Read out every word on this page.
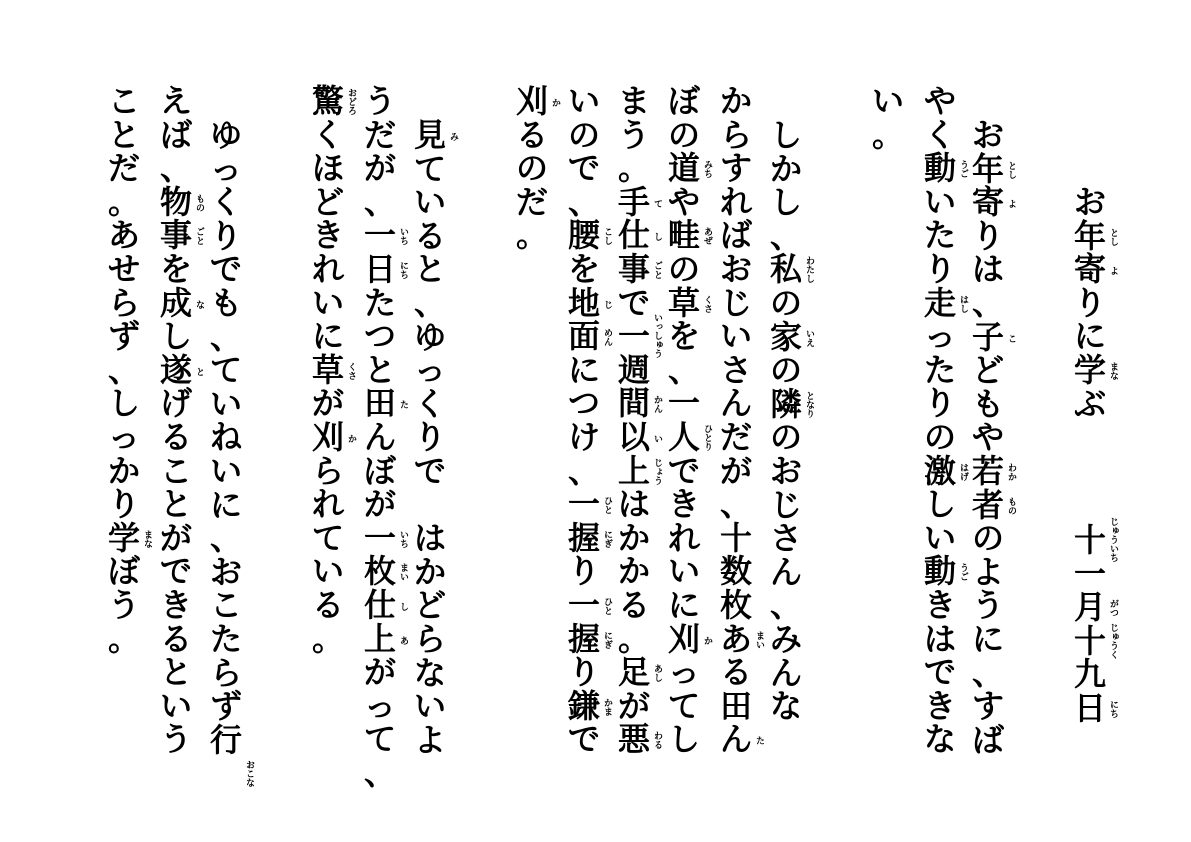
お
年
寄
り
に
学
ぶ
とし
よ
まな
十
一
月
十
九
日
じゅういち
がつ
じゅうく
にち
お
年
寄
り
は
、
子
ど
も
や
若
者
の
よ
う
に
、
す
ば
とし
よ
こ
わか
もの
や
く
動
い
た
り
走
っ
た
り
の
激
し
い
動
き
は
で
き
な
うご
はし
はげ
うご
い
。
し
か
し
、
私
の
家
の
隣
の
お
じ
さ
ん
、
み
ん
な
わたし
いえ
となり
か
ら
す
れ
ば
お
じ
い
さ
ん
だ
が
、
十
数
枚
あ
る
田
ん
まい
た
ぼ
の
道
や
畦
の
草
を
、
一
人
で
き
れ
い
に
刈
っ
て
し
みち
あぜ
くさ
ひとり
か
ま
う
。
手
仕
事
で
一
週
間
以
上
は
か
か
る
。
足
が
悪
て
し
ごと
いっしゅう
かん
い
じょう
あし
わる
い
の
で
、
腰
を
地
面
に
つ
け
、
一
握
り
一
握
り
鎌
で
こし
じ
めん
ひと
にぎ
ひと
にぎ
かま
刈
る
の
だ
。
か
見
て
い
る
と
、
ゆ
っ
く
り
で

は
か
ど
ら
な
い
よ
み
う
だ
が
、
一
日
た
つ
と
田
ん
ぼ
が
一
枚
仕
上
が
っ
て
、
いち
にち
た
いち
まい
し
あ
驚
く
ほ
ど
き
れ
い
に
草
が
刈
ら
れ
て
い
る
。
おどろ
くさ
か
ゆ
っ
く
り
で
も
、
て
い
ね
い
に
、
お
こ
た
ら
ず
行
おこな
え
ば
、
物
事
を
成
し
遂
げ
る
こ
と
が
で
き
る
と
い
う
もの
ごと
な
と
こ
と
だ
。
あ
せ
ら
ず
、
し
っ
か
り
学
ぼ
う
。
まな
